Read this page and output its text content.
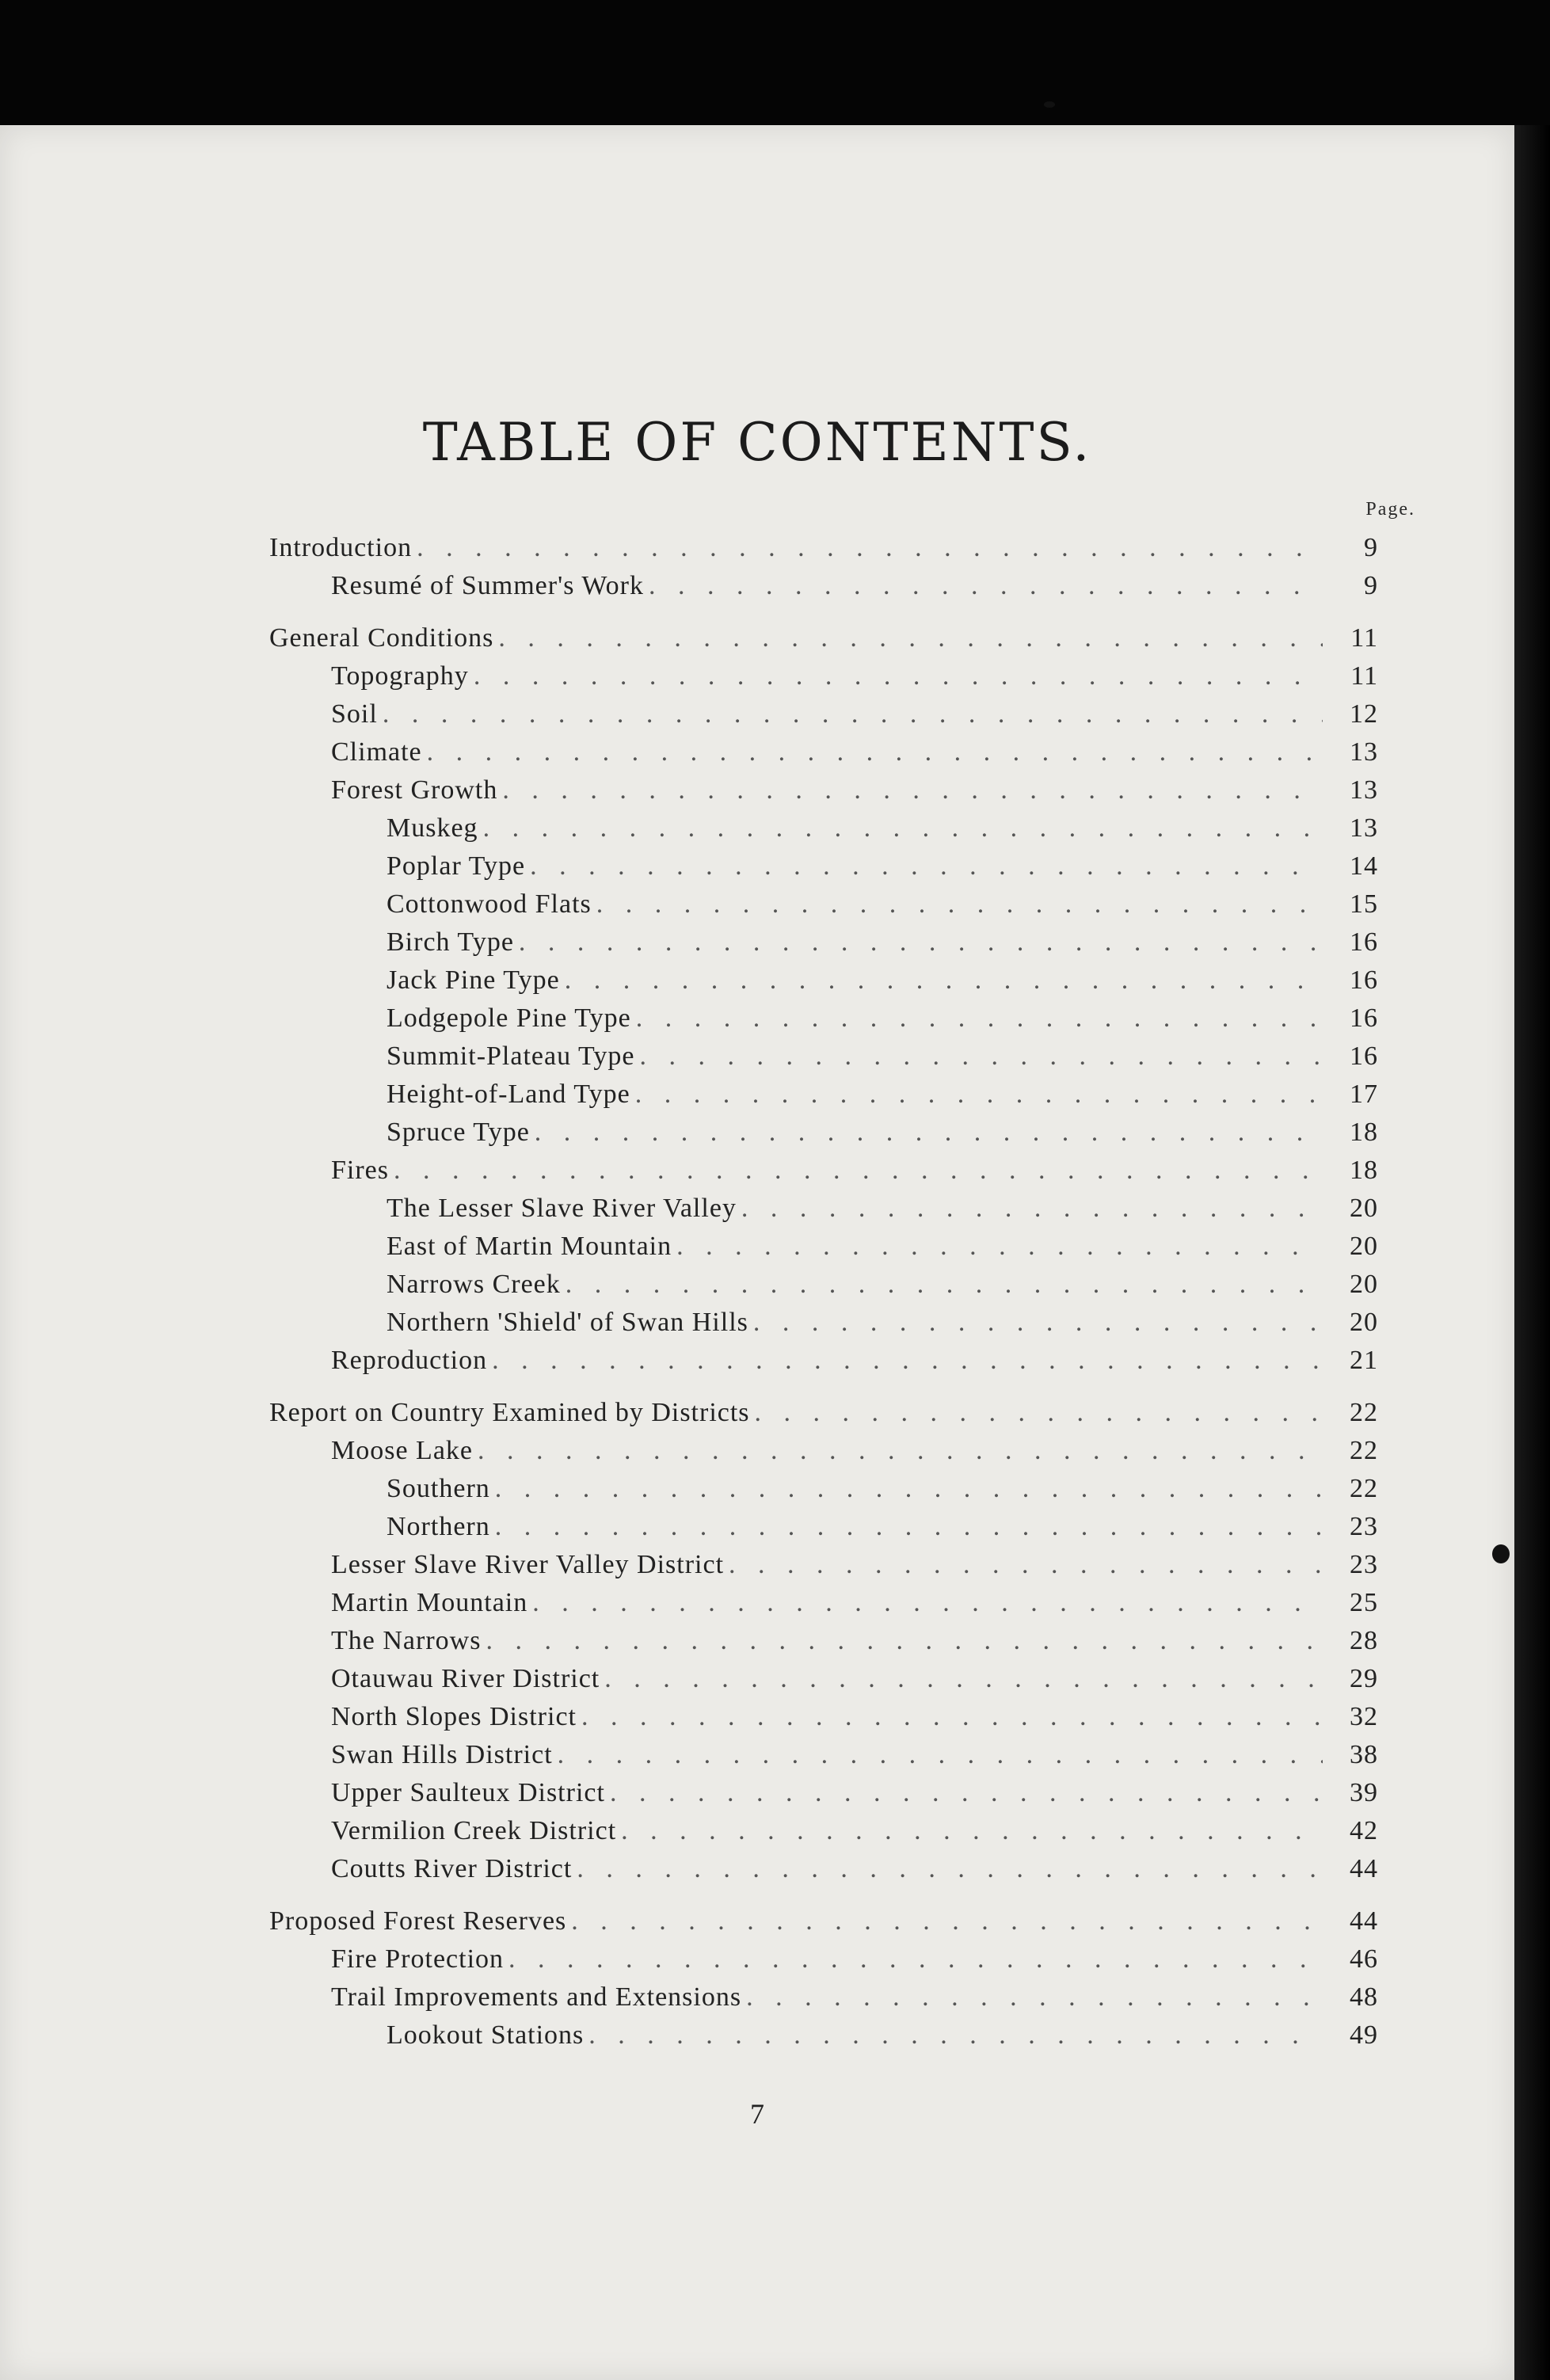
TABLE OF CONTENTS.
Page.
Introduction . . .	9
Resumé of Summer's Work . . .	9
General Conditions . . .	11
Topography . . .	11
Soil . . .	12
Climate . . .	13
Forest Growth . . .	13
Muskeg . . .	13
Poplar Type . . .	14
Cottonwood Flats . . .	15
Birch Type . . .	16
Jack Pine Type . . .	16
Lodgepole Pine Type . . .	16
Summit-Plateau Type . . .	16
Height-of-Land Type . . .	17
Spruce Type . . .	18
Fires . . .	18
The Lesser Slave River Valley . . .	20
East of Martin Mountain . . .	20
Narrows Creek . . .	20
Northern 'Shield' of Swan Hills . . .	20
Reproduction . . .	21
Report on Country Examined by Districts . . .	22
Moose Lake . . .	22
Southern . . .	22
Northern . . .	23
Lesser Slave River Valley District . . .	23
Martin Mountain . . .	25
The Narrows . . .	28
Otauwau River District . . .	29
North Slopes District . . .	32
Swan Hills District . . .	38
Upper Saulteux District . . .	39
Vermilion Creek District . . .	42
Coutts River District . . .	44
Proposed Forest Reserves . . .	44
Fire Protection . . .	46
Trail Improvements and Extensions . . .	48
Lookout Stations . . .	49
7
